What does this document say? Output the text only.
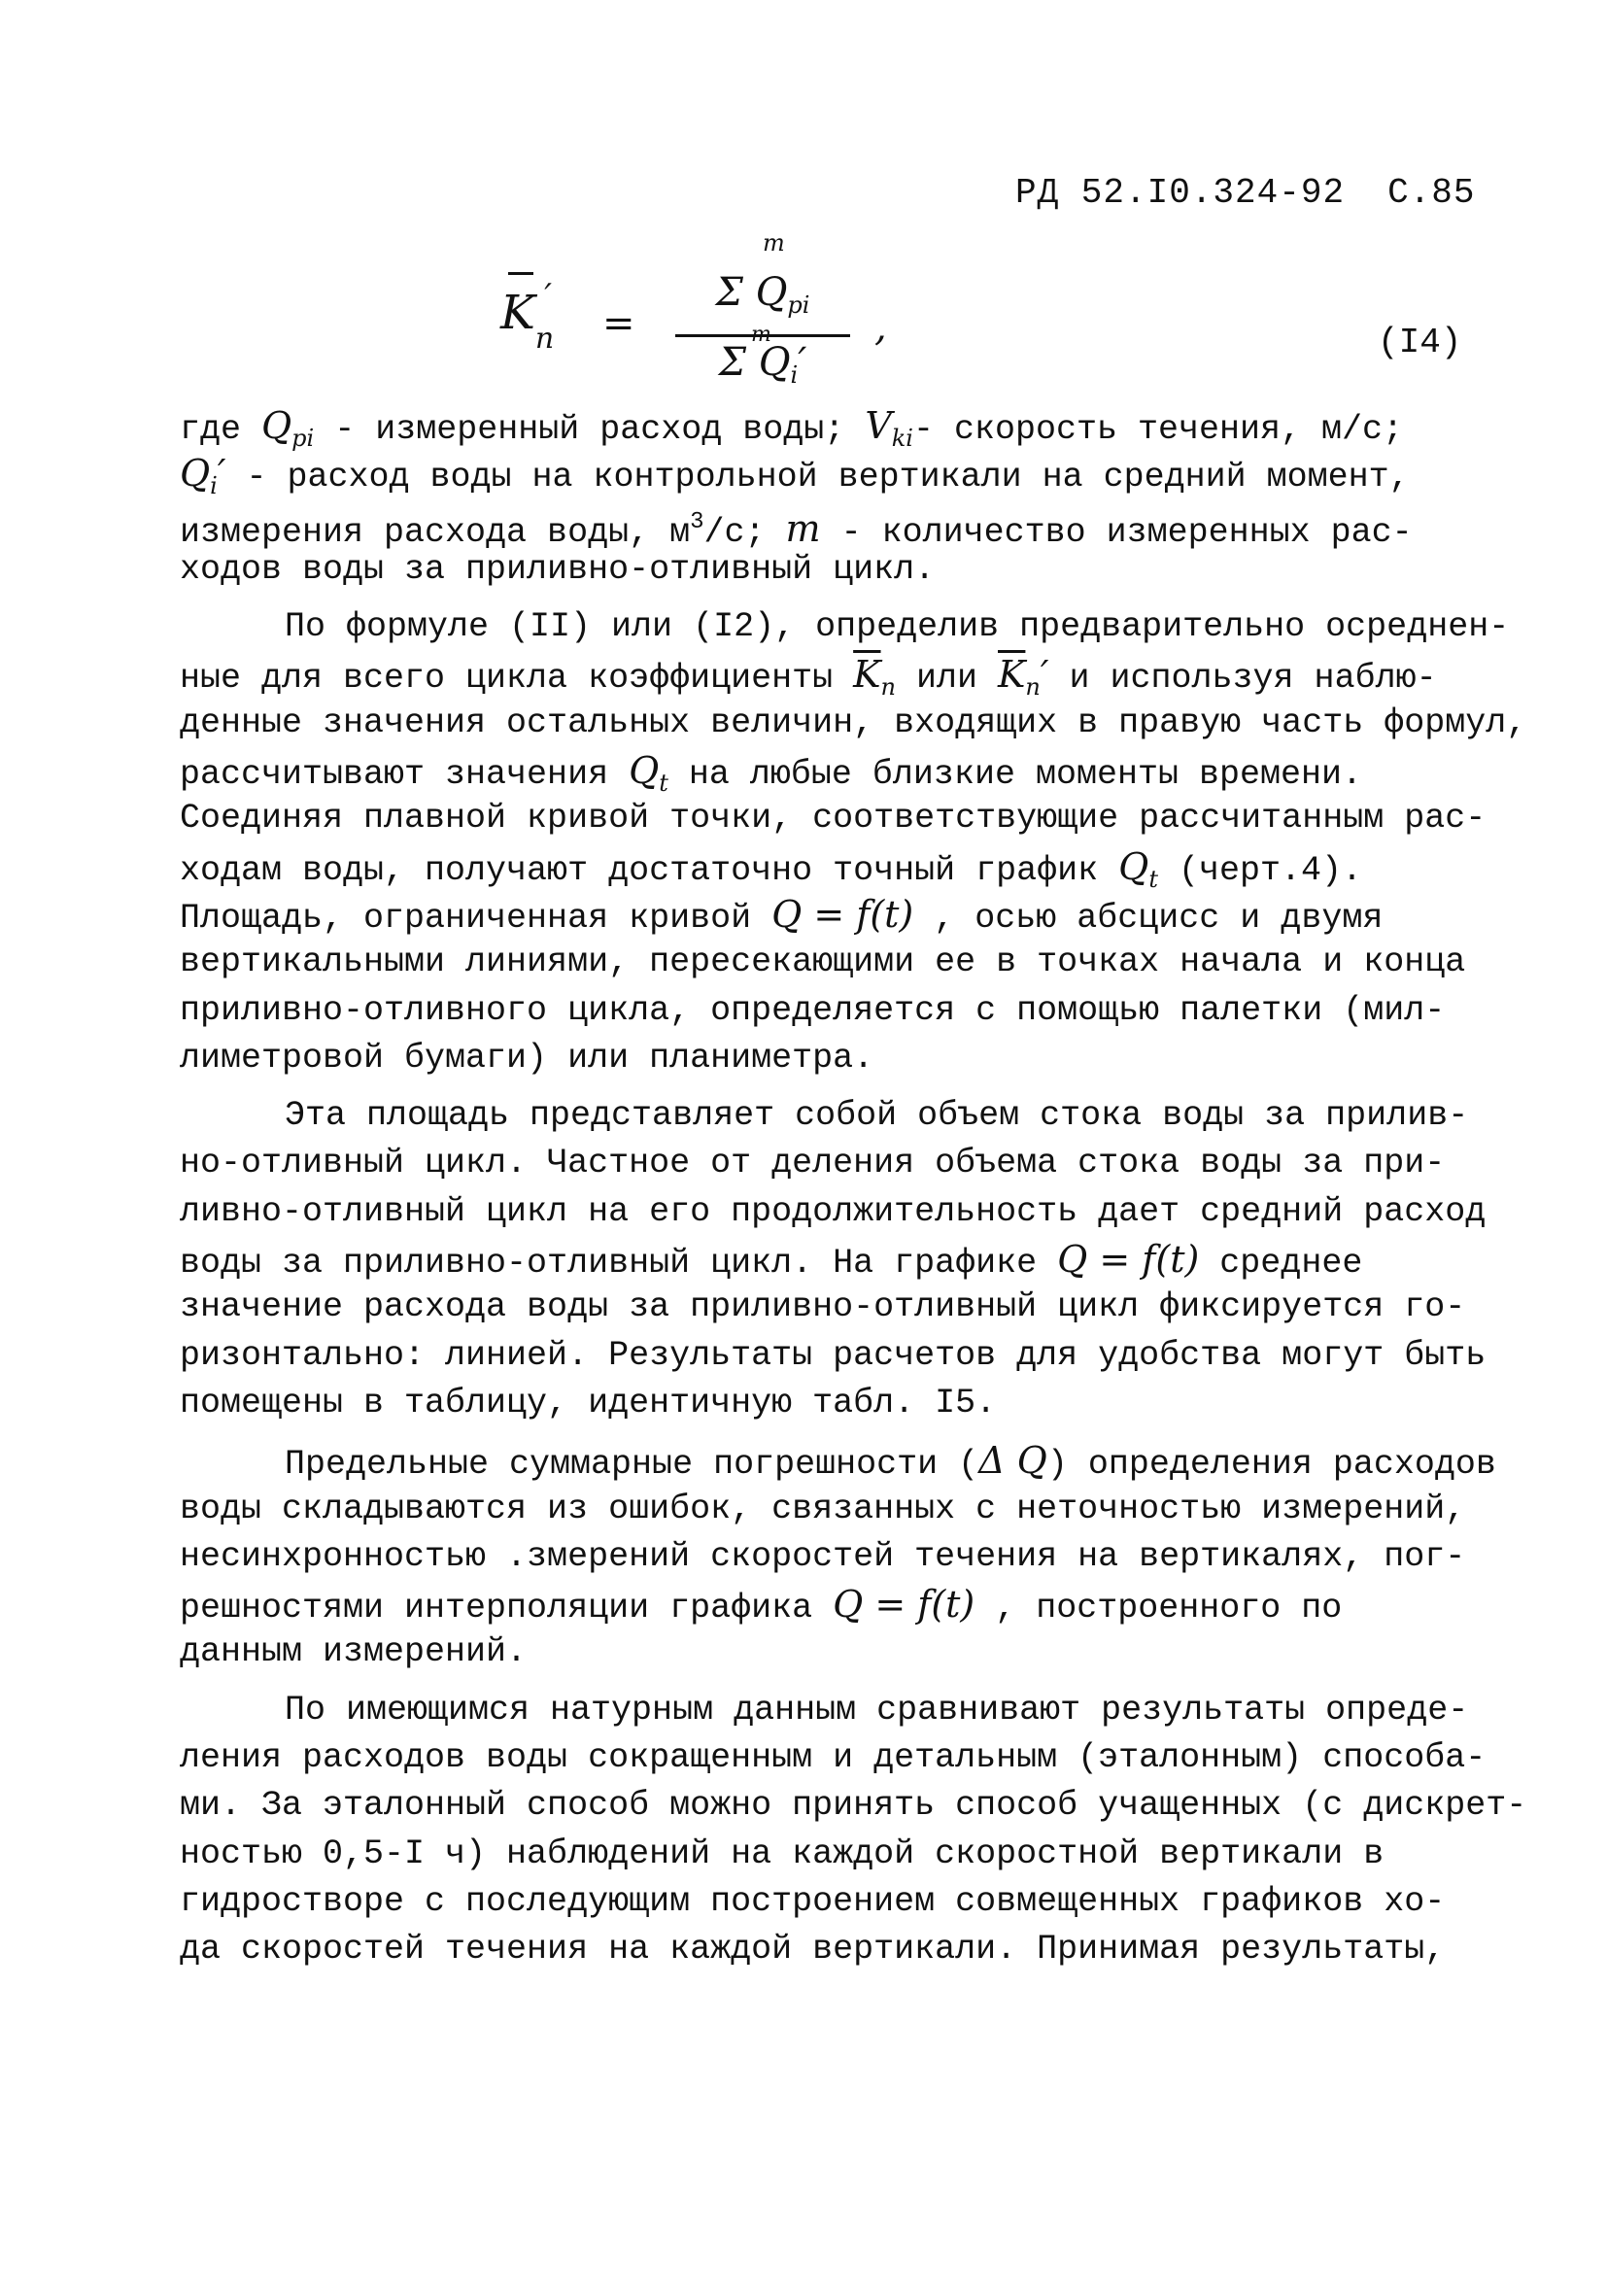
РД 52.I0.324-92 С.85
$K_n'$
=
m
Σ $Q_{pi}$
m
Σ $Q_i'$
,	(I4)
где $Q_{pi}$ - измеренный расход воды; $V_{ki}-$ скорость течения, м/с;
$Q_i'$ - расход воды на контрольной вертикали на средний момент,
измерения расхода воды, $м^3/с$; m - количество измеренных рас-
ходов воды за приливно-отливный цикл.
По формуле (II) или (I2), определив предварительно осреднен-
ные для всего цикла коэффициенты $\overline{K}_n$ или $\overline{K}_n'$ и используя наблю-
денные значения остальных величин, входящих в правую часть формул,
рассчитывают значения $Q_t$ на любые близкие моменты времени.
Соединяя плавной кривой точки, соответствующие рассчитанным рас-
ходам воды, получают достаточно точный график $Q_t$ (черт.4).
Площадь, ограниченная кривой Q = f(t) , осью абсцисс и двумя
вертикальными линиями, пересекающими ее в точках начала и конца
приливно-отливного цикла, определяется с помощью палетки (мил-
лиметровой бумаги) или планиметра.
Эта площадь представляет собой объем стока воды за прилив-
но-отливный цикл. Частное от деления объема стока воды за при-
ливно-отливный цикл на его продолжительность дает средний расход
воды за приливно-отливный цикл. На графике Q = f(t) среднее
значение расхода воды за приливно-отливный цикл фиксируется го-
ризонтально: линией. Результаты расчетов для удобства могут быть
помещены в таблицу, идентичную табл. I5.
Предельные суммарные погрешности (Δ Q) определения расходов
воды складываются из ошибок, связанных с неточностью измерений,
несинхронностью .змерений скоростей течения на вертикалях, пог-
решностями интерполяции графика Q = f(t) , построенного по
данным измерений.
По имеющимся натурным данным сравнивают результаты опреде-
ления расходов воды сокращенным и детальным (эталонным) способа-
ми. За эталонный способ можно принять способ учащенных (с дискрет-
ностью 0,5-I ч) наблюдений на каждой скоростной вертикали в
гидростворе с последующим построением совмещенных графиков хо-
да скоростей течения на каждой вертикали. Принимая результаты,
